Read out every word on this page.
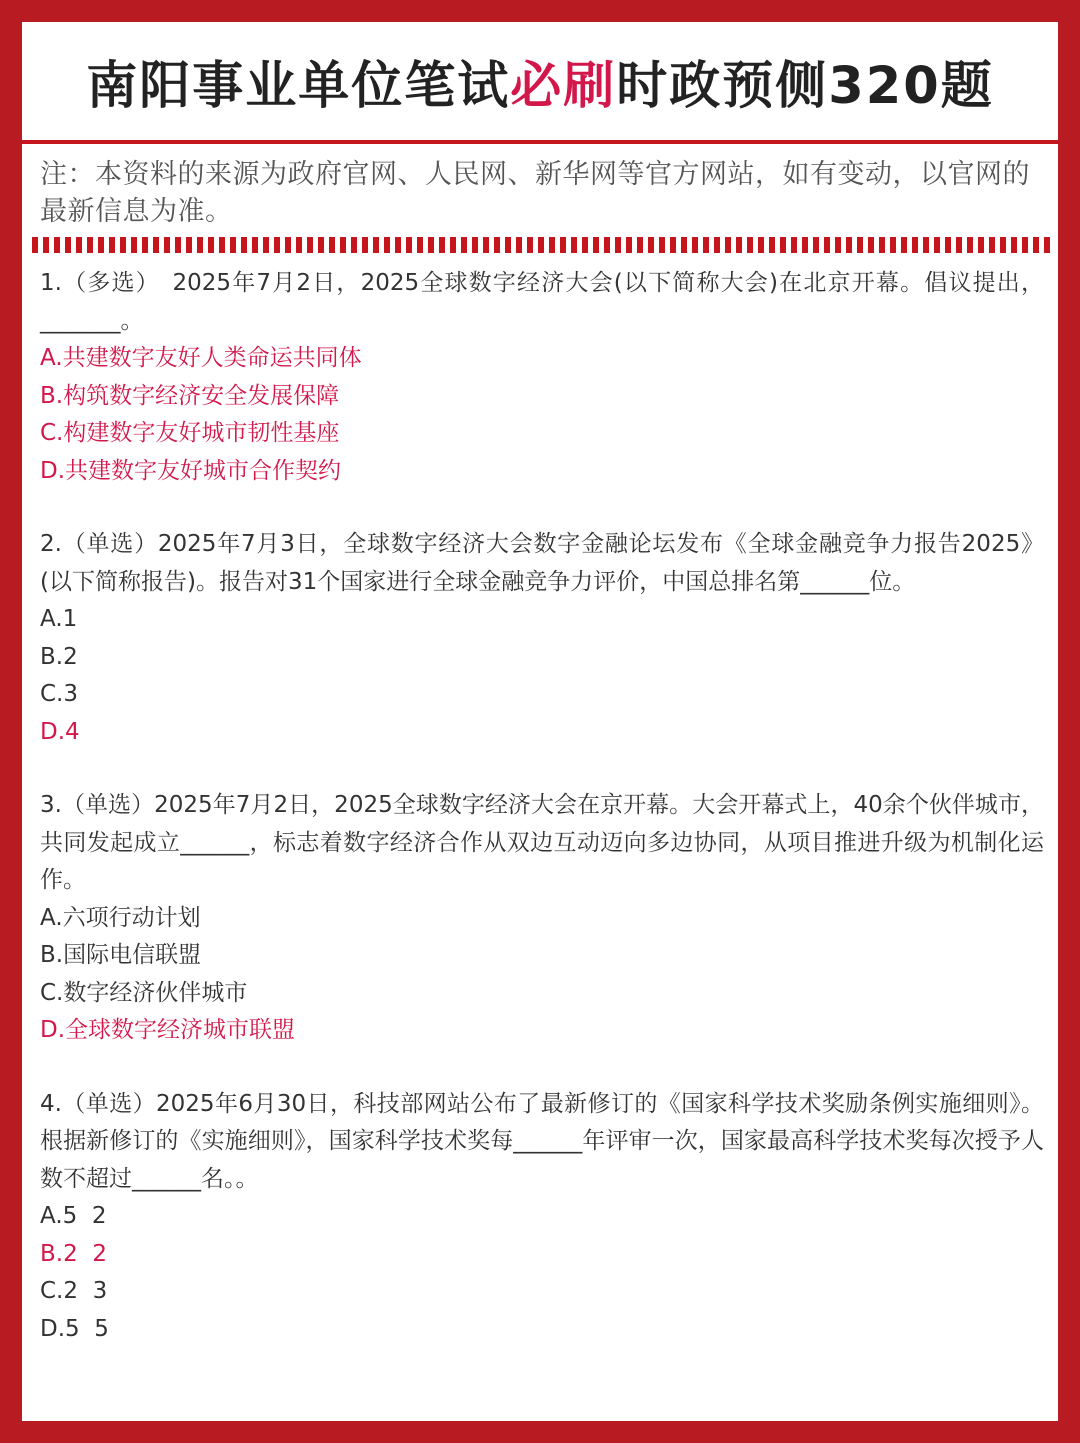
南阳事业单位笔试 必刷 时政预侧320题

注：本资料的来源为政府官网、人民网、新华网等官方网站，如有变动，以官网的最新信息为准。

1.（多选）　2025年7月2日，2025全球数字经济大会(以下简称大会)在北京开幕。倡议提出，_______。

A.共建数字友好人类命运共同体

B.构筑数字经济安全发展保障

C.构建数字友好城市韧性基座

D.共建数字友好城市合作契约

2.（单选）2025年7月3日，全球数字经济大会数字金融论坛发布《全球金融竞争力报告2025》(以下简称报告)。报告对31个国家进行全球金融竞争力评价，中国总排名第______位。

A.1

B.2

C.3

D.4

3.（单选）2025年7月2日，2025全球数字经济大会在京开幕。大会开幕式上，40余个伙伴城市，共同发起成立______，标志着数字经济合作从双边互动迈向多边协同，从项目推进升级为机制化运作。

A.六项行动计划

B.国际电信联盟

C.数字经济伙伴城市

D.全球数字经济城市联盟

4.（单选）2025年6月30日，科技部网站公布了最新修订的《国家科学技术奖励条例实施细则》。根据新修订的《实施细则》，国家科学技术奖每______年评审一次，国家最高科学技术奖每次授予人数不超过______名。。

A.5  2

B.2  2

C.2  3

D.5  5
